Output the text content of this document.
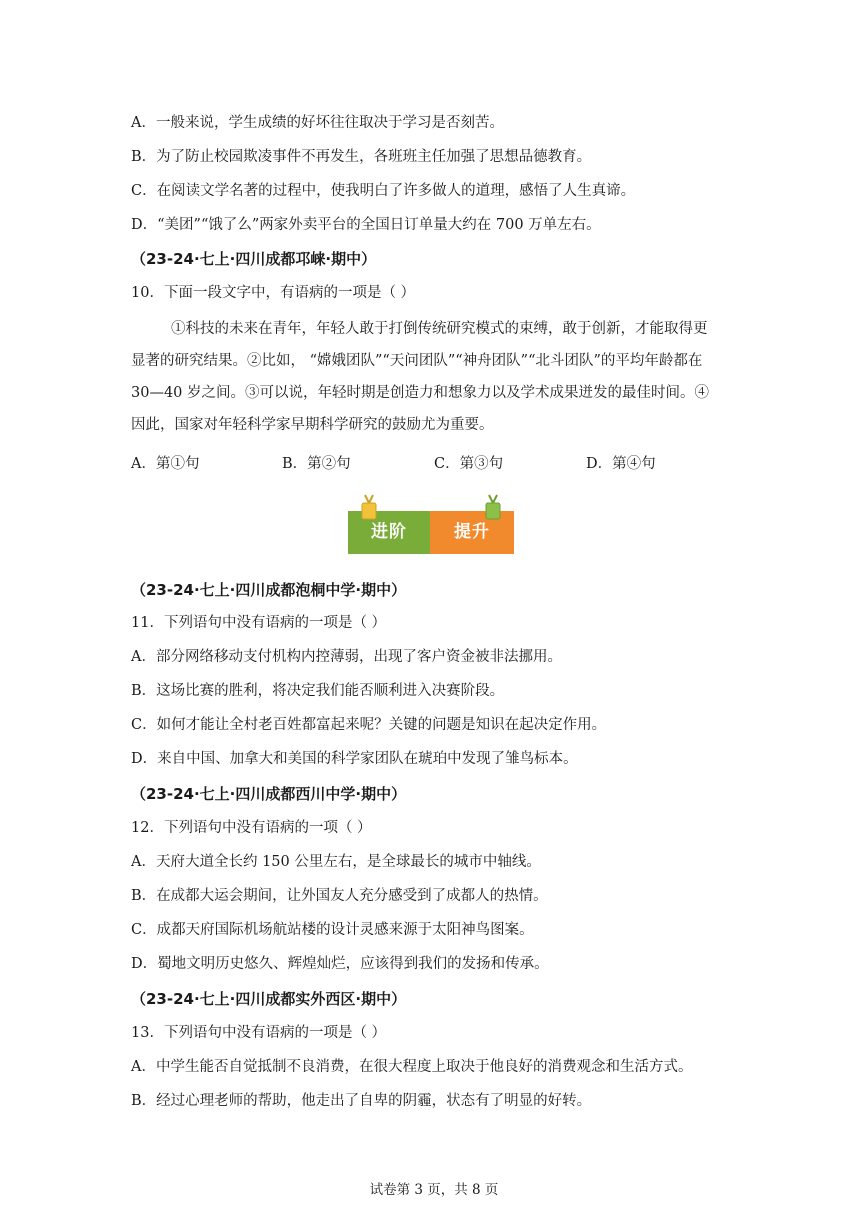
A．一般来说，学生成绩的好坏往往取决于学习是否刻苦。
B．为了防止校园欺凌事件不再发生，各班班主任加强了思想品德教育。
C．在阅读文学名著的过程中，使我明白了许多做人的道理，感悟了人生真谛。
D．“美团”“饿了么”两家外卖平台的全国日订单量大约在 700 万单左右。
（23-24·七上·四川成都邛崃·期中）
10．下面一段文字中，有语病的一项是（ ）
①科技的未来在青年，年轻人敢于打倒传统研究模式的束缚，敢于创新，才能取得更
显著的研究结果。②比如， “嫦娥团队”“天问团队”“神舟团队”“北斗团队”的平均年龄都在
30—40 岁之间。③可以说，年轻时期是创造力和想象力以及学术成果迸发的最佳时间。④
因此，国家对年轻科学家早期科学研究的鼓励尤为重要。
A．第①句	B．第②句	C．第③句	D．第④句
进阶	提升
（23-24·七上·四川成都泡桐中学·期中）
11．下列语句中没有语病的一项是（ ）
A．部分网络移动支付机构内控薄弱，出现了客户资金被非法挪用。
B．这场比赛的胜利，将决定我们能否顺利进入决赛阶段。
C．如何才能让全村老百姓都富起来呢？关键的问题是知识在起决定作用。
D．来自中国、加拿大和美国的科学家团队在琥珀中发现了雏鸟标本。
（23-24·七上·四川成都西川中学·期中）
12．下列语句中没有语病的一项（ ）
A．天府大道全长约 150 公里左右，是全球最长的城市中轴线。
B．在成都大运会期间，让外国友人充分感受到了成都人的热情。
C．成都天府国际机场航站楼的设计灵感来源于太阳神鸟图案。
D．蜀地文明历史悠久、辉煌灿烂，应该得到我们的发扬和传承。
（23-24·七上·四川成都实外西区·期中）
13．下列语句中没有语病的一项是（ ）
A．中学生能否自觉抵制不良消费，在很大程度上取决于他良好的消费观念和生活方式。
B．经过心理老师的帮助，他走出了自卑的阴霾，状态有了明显的好转。
试卷第 3 页，共 8 页
